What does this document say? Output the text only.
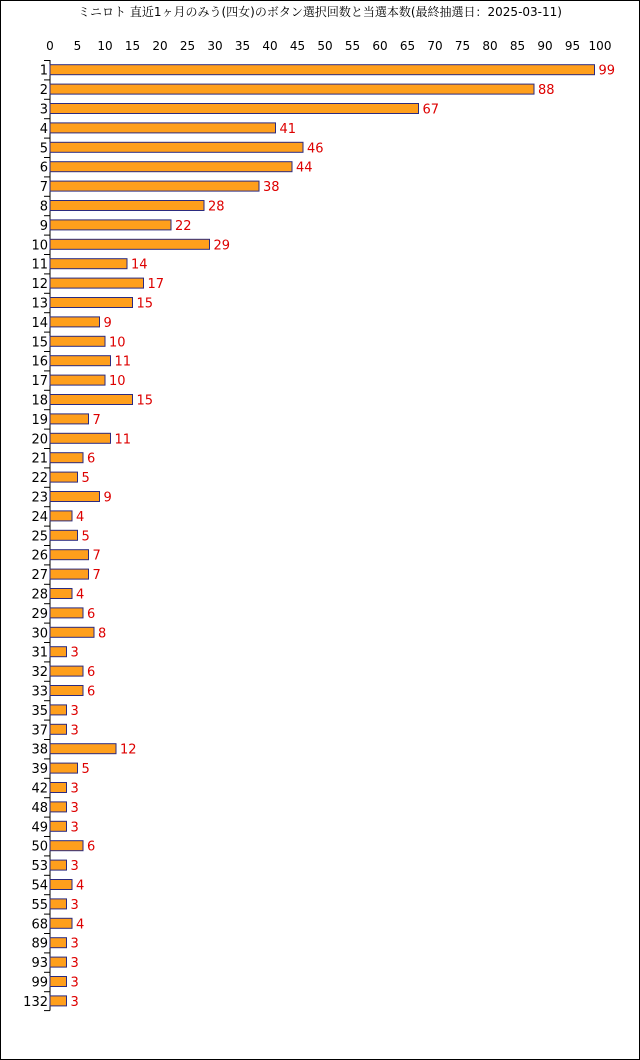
ミニロト 直近1ヶ月のみう(四女)のボタン選択回数と当選本数(最終抽選日：2025-03-11)
0 5 10 15 20 25 30 35 40 45 50 55 60 65 70 75 80 85 90 95 100
1	99
2	88
3	67
4	41
5	46
6	44
7	38
8	28
9	22
10	29
11	14
12	17
13	15
14	9
15	10
16	11
17	10
18	15
19	7
20	11
21	6
22	5
23	9
24 4
25	5
26	7
27	7
28 4
29	6
30	8
31 3
32	6
33	6
35 3
37 3
38	12
39	5
42 3
48 3
49 3
50	6
53 3
54 4
55 3
68 4
89 3
93 3
99 3
132 3
